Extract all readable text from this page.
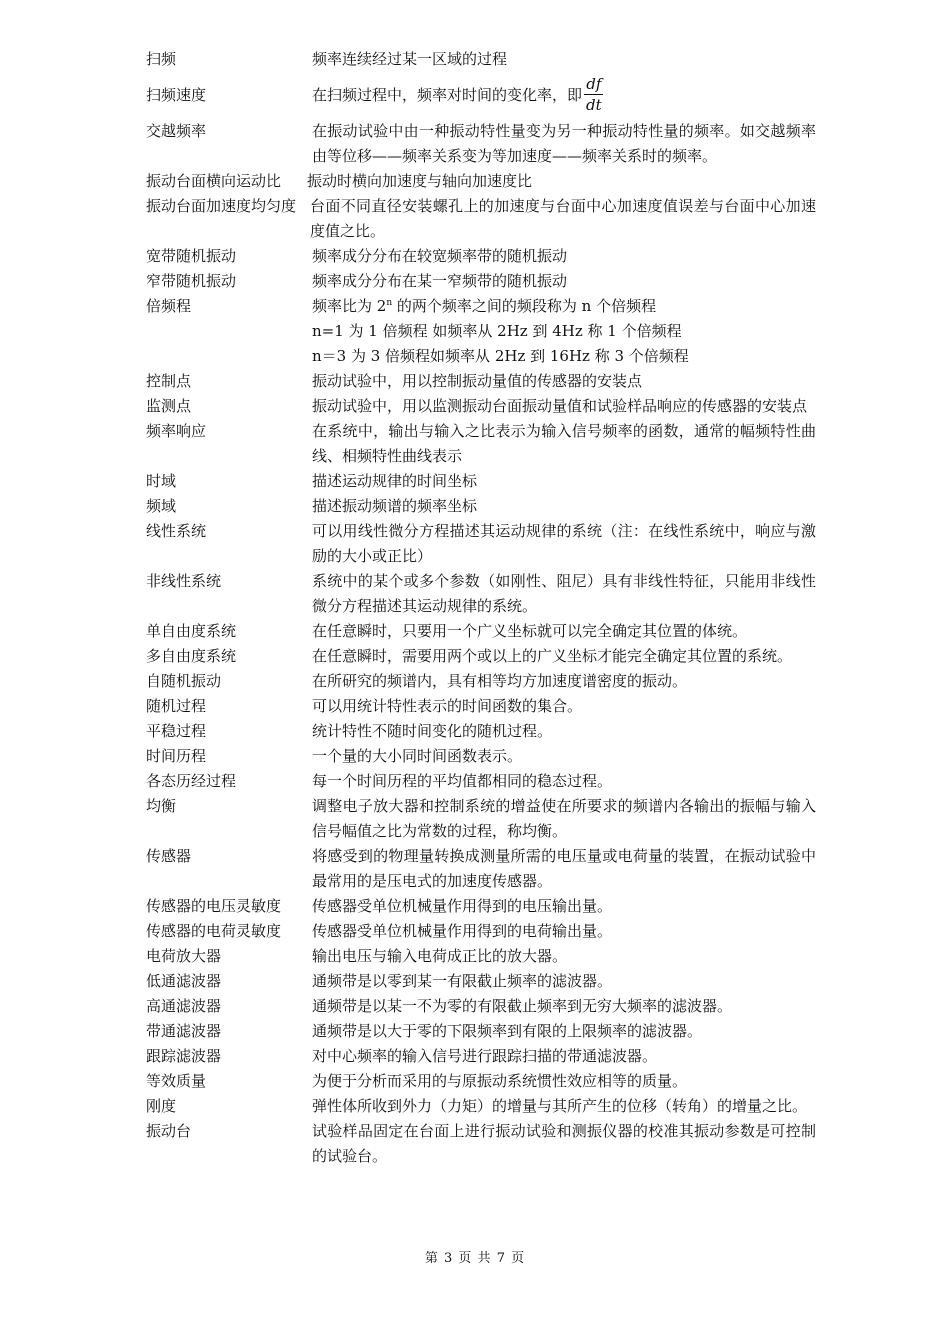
扫频	频率连续经过某一区域的过程
扫频速度	在扫频过程中，频率对时间的变化率，即 $\frac{df}{dt}$
交越频率	在振动试验中由一种振动特性量变为另一种振动特性量的频率。如交越频率由等位移——频率关系变为等加速度——频率关系时的频率。
振动台面横向运动比 振动时横向加速度与轴向加速度比
振动台面加速度均匀度 台面不同直径安装螺孔上的加速度与台面中心加速度值误差与台面中心加速度值之比。
宽带随机振动	频率成分分布在较宽频率带的随机振动
窄带随机振动	频率成分分布在某一窄频带的随机振动
倍频程	频率比为 2$^n$ 的两个频率之间的频段称为 n 个倍频程
n=1 为 1 倍频程 如频率从 2Hz 到 4Hz 称 1 个倍频程
n＝3 为 3 倍频程如频率从 2Hz 到 16Hz 称 3 个倍频程
控制点	振动试验中，用以控制振动量值的传感器的安装点
监测点	振动试验中，用以监测振动台面振动量值和试验样品响应的传感器的安装点
频率响应	在系统中，输出与输入之比表示为输入信号频率的函数，通常的幅频特性曲线、相频特性曲线表示
时域	描述运动规律的时间坐标
频域	描述振动频谱的频率坐标
线性系统	可以用线性微分方程描述其运动规律的系统（注：在线性系统中，响应与激励的大小或正比）
非线性系统	系统中的某个或多个参数（如刚性、阻尼）具有非线性特征，只能用非线性微分方程描述其运动规律的系统。
单自由度系统	在任意瞬时，只要用一个广义坐标就可以完全确定其位置的体统。
多自由度系统	在任意瞬时，需要用两个或以上的广义坐标才能完全确定其位置的系统。
自随机振动	在所研究的频谱内，具有相等均方加速度谱密度的振动。
随机过程	可以用统计特性表示的时间函数的集合。
平稳过程	统计特性不随时间变化的随机过程。
时间历程	一个量的大小同时间函数表示。
各态历经过程	每一个时间历程的平均值都相同的稳态过程。
均衡	调整电子放大器和控制系统的增益使在所要求的频谱内各输出的振幅与输入信号幅值之比为常数的过程，称均衡。
传感器	将感受到的物理量转换成测量所需的电压量或电荷量的装置，在振动试验中最常用的是压电式的加速度传感器。
传感器的电压灵敏度	传感器受单位机械量作用得到的电压输出量。
传感器的电荷灵敏度	传感器受单位机械量作用得到的电荷输出量。
电荷放大器	输出电压与输入电荷成正比的放大器。
低通滤波器	通频带是以零到某一有限截止频率的滤波器。
高通滤波器	通频带是以某一不为零的有限截止频率到无穷大频率的滤波器。
带通滤波器	通频带是以大于零的下限频率到有限的上限频率的滤波器。
跟踪滤波器	对中心频率的输入信号进行跟踪扫描的带通滤波器。
等效质量	为便于分析而采用的与原振动系统惯性效应相等的质量。
刚度	弹性体所收到外力（力矩）的增量与其所产生的位移（转角）的增量之比。
振动台	试验样品固定在台面上进行振动试验和测振仪器的校准其振动参数是可控制的试验台。
第 3 页 共 7 页
